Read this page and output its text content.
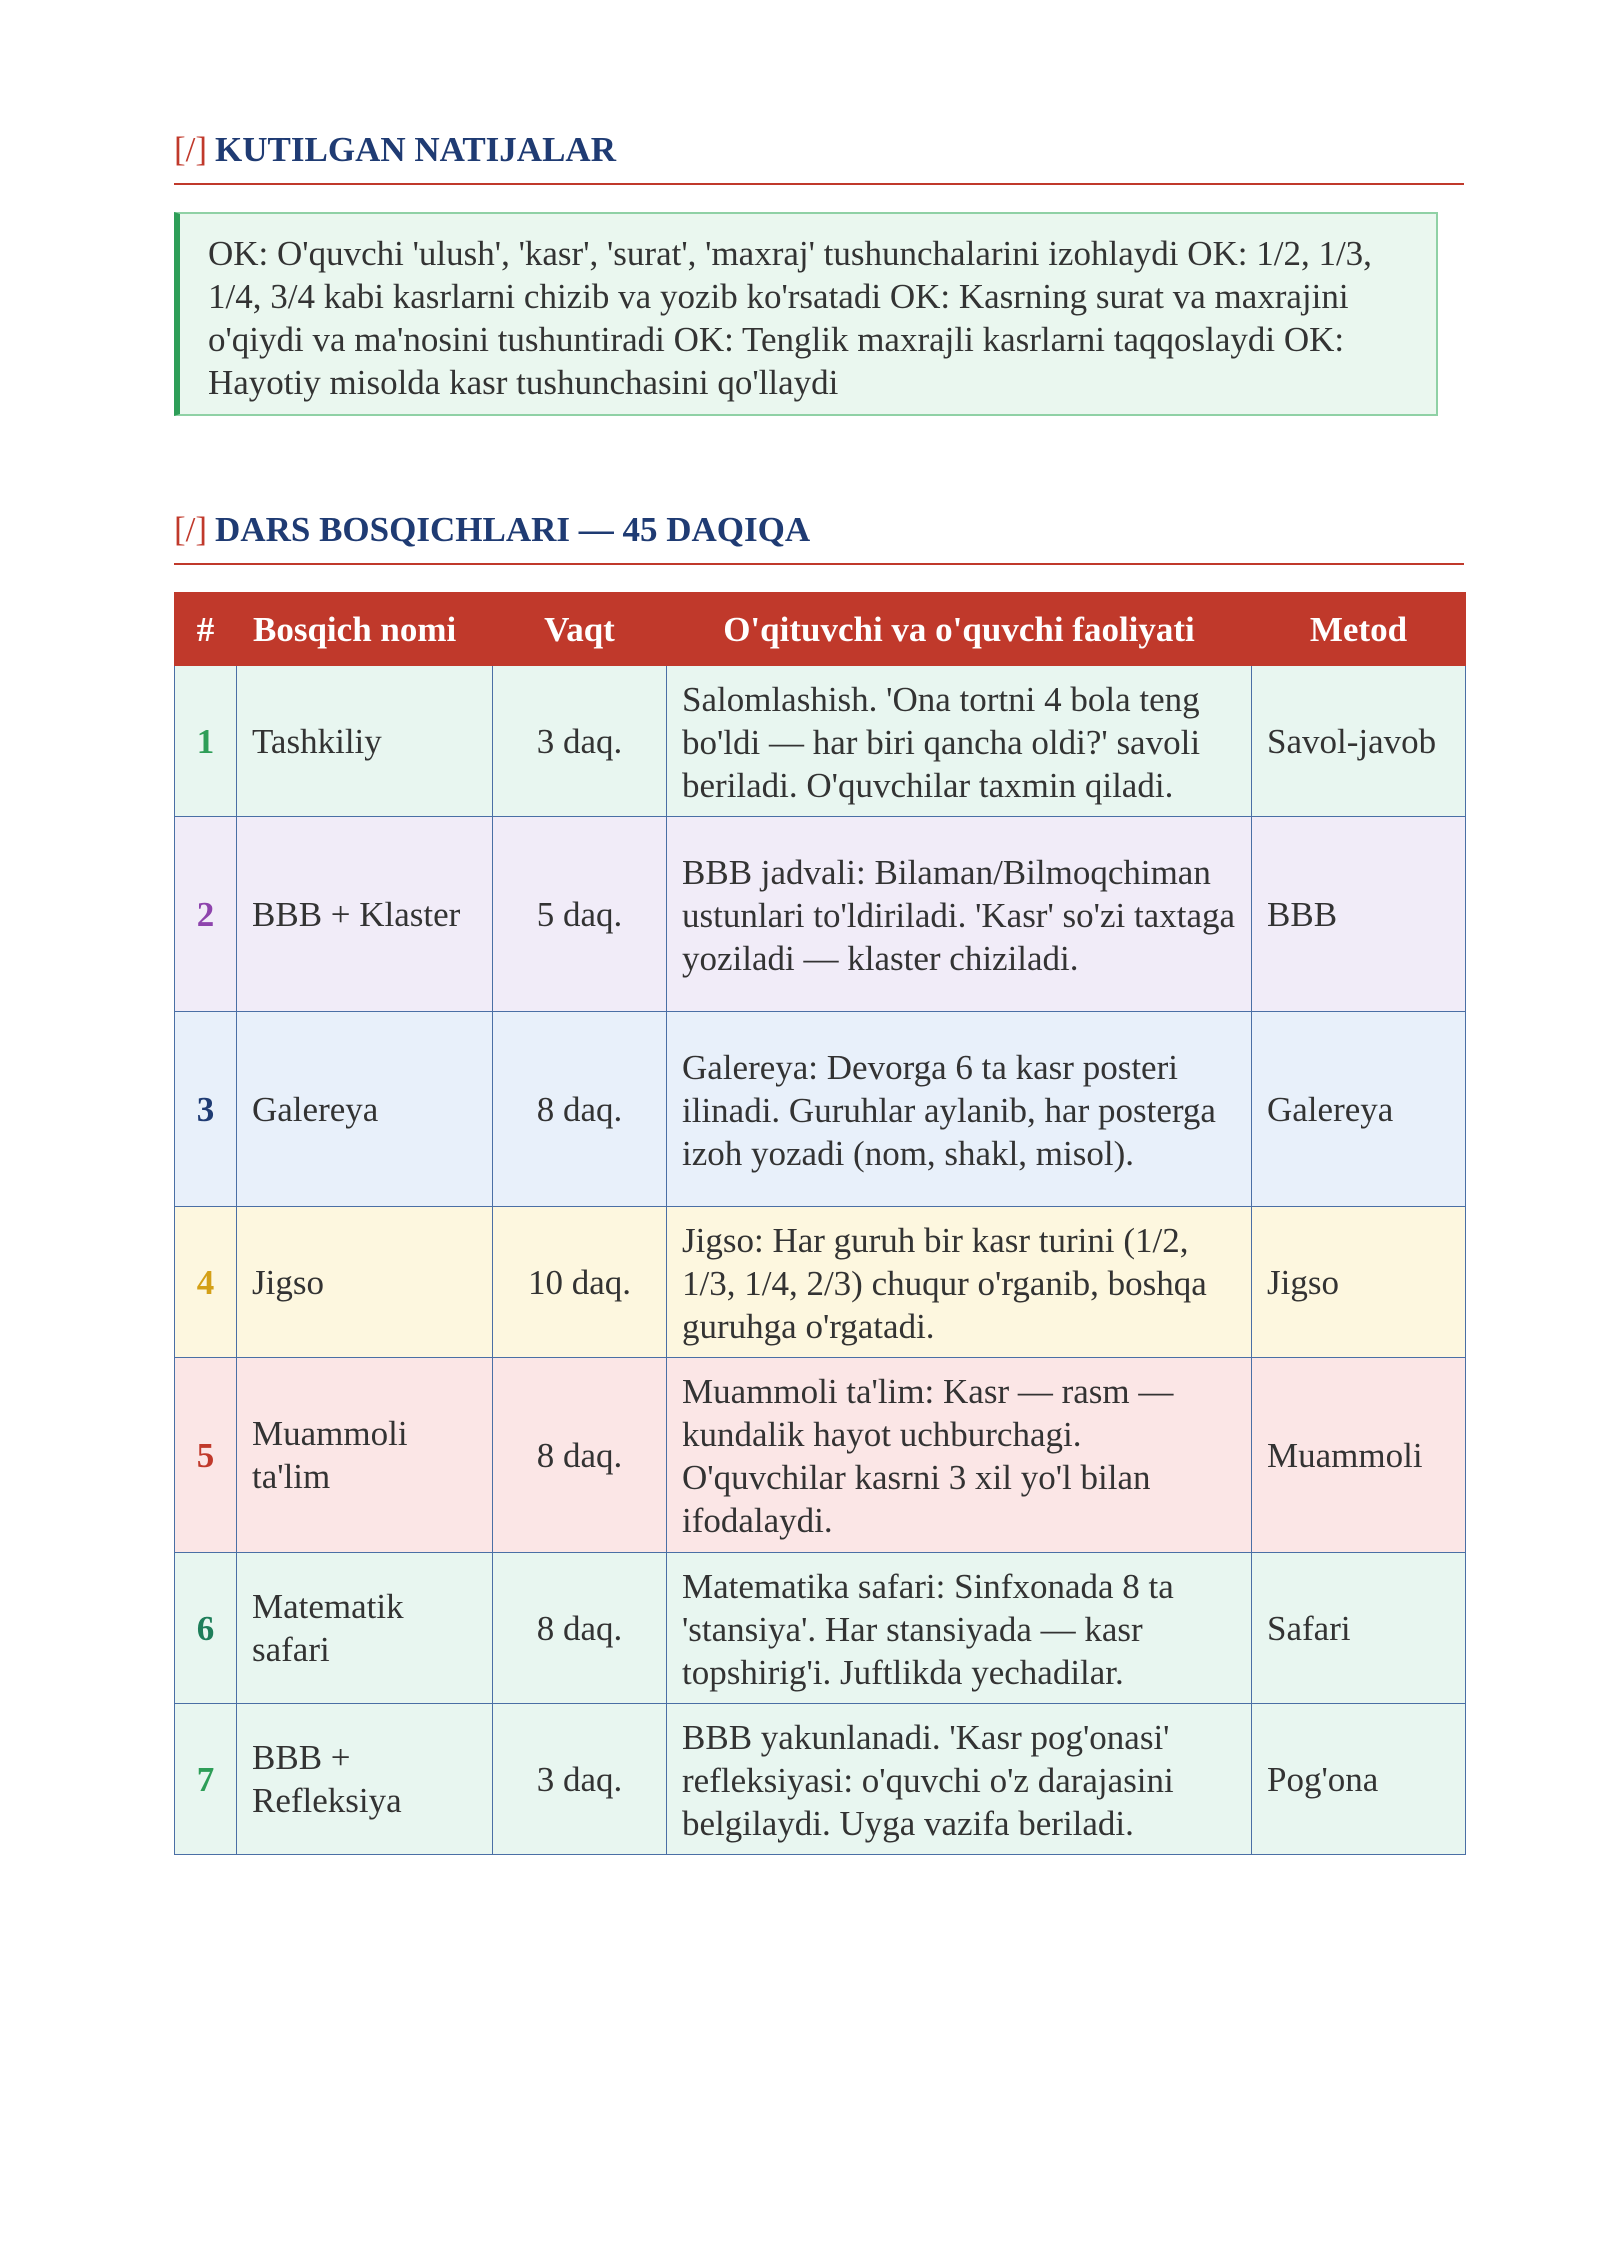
[/] KUTILGAN NATIJALAR
OK: O'quvchi 'ulush', 'kasr', 'surat', 'maxraj' tushunchalarini izohlaydi OK: 1/2, 1/3, 1/4, 3/4 kabi kasrlarni chizib va yozib ko'rsatadi OK: Kasrning surat va maxrajini o'qiydi va ma'nosini tushuntiradi OK: Tenglik maxrajli kasrlarni taqqoslaydi OK: Hayotiy misolda kasr tushunchasini qo'llaydi
[/] DARS BOSQICHLARI — 45 DAQIQA
#	Bosqich nomi	Vaqt	O'qituvchi va o'quvchi faoliyati	Metod
1	Tashkiliy	3 daq.	Salomlashish. 'Ona tortni 4 bola teng bo'ldi — har biri qancha oldi?' savoli beriladi. O'quvchilar taxmin qiladi.	Savol-javob
2	BBB + Klaster	5 daq.	BBB jadvali: Bilaman/Bilmoqchiman ustunlari to'ldiriladi. 'Kasr' so'zi taxtaga yoziladi — klaster chiziladi.	BBB
3	Galereya	8 daq.	Galereya: Devorga 6 ta kasr posteri ilinadi. Guruhlar aylanib, har posterga izoh yozadi (nom, shakl, misol).	Galereya
4	Jigso	10 daq.	Jigso: Har guruh bir kasr turini (1/2, 1/3, 1/4, 2/3) chuqur o'rganib, boshqa guruhga o'rgatadi.	Jigso
5	Muammoli ta'lim	8 daq.	Muammoli ta'lim: Kasr — rasm — kundalik hayot uchburchagi. O'quvchilar kasrni 3 xil yo'l bilan ifodalaydi.	Muammoli
6	Matematik safari	8 daq.	Matematika safari: Sinfxonada 8 ta 'stansiya'. Har stansiyada — kasr topshirig'i. Juftlikda yechadilar.	Safari
7	BBB + Refleksiya	3 daq.	BBB yakunlanadi. 'Kasr pog'onasi' refleksiyasi: o'quvchi o'z darajasini belgilaydi. Uyga vazifa beriladi.	Pog'ona
